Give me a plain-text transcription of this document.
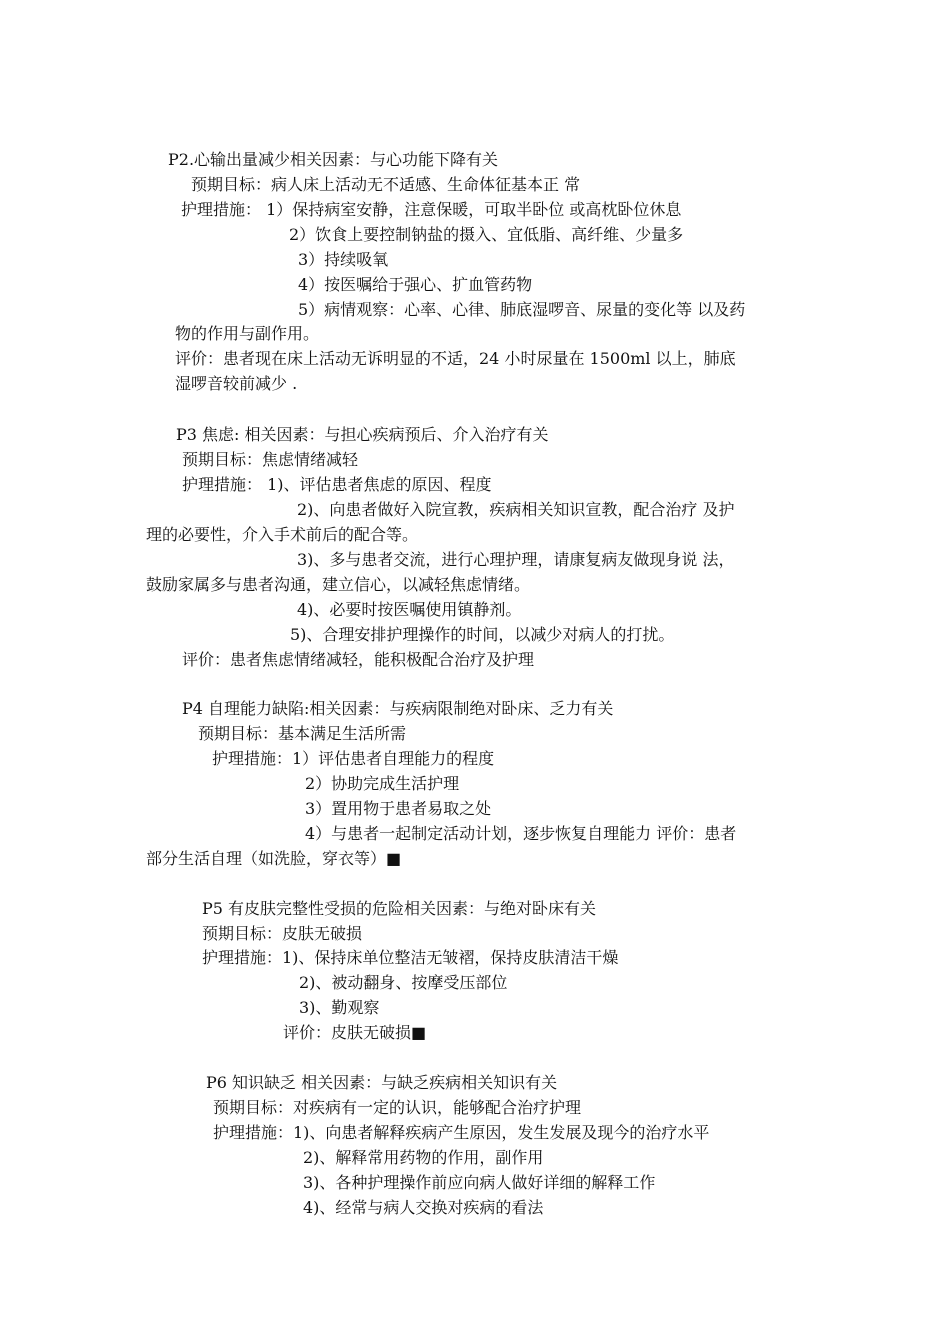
P2.心输出量减少相关因素：与心功能下降有关
预期目标：病人床上活动无不适感、生命体征基本正 常
护理措施： 1）保持病室安静，注意保暖，可取半卧位 或高枕卧位休息
2）饮食上要控制钠盐的摄入、宜低脂、高纤维、少量多
3）持续吸氧
4）按医嘱给于强心、扩血管药物
5）病情观察：心率、心律、肺底湿啰音、尿量的变化等 以及药
物的作用与副作用。
评价：患者现在床上活动无诉明显的不适，24 小时尿量在 1500ml 以上，肺底
湿啰音较前减少 .
P3 焦虑: 相关因素：与担心疾病预后、介入治疗有关
预期目标：焦虑情绪减轻
护理措施： 1)、评估患者焦虑的原因、程度
2)、向患者做好入院宣教，疾病相关知识宣教，配合治疗 及护
理的必要性，介入手术前后的配合等。
3)、多与患者交流，进行心理护理，请康复病友做现身说 法，
鼓励家属多与患者沟通，建立信心，以减轻焦虑情绪。
4)、必要时按医嘱使用镇静剂。
5)、合理安排护理操作的时间，以减少对病人的打扰。
评价：患者焦虑情绪减轻，能积极配合治疗及护理
P4 自理能力缺陷:相关因素：与疾病限制绝对卧床、乏力有关
预期目标：基本满足生活所需
护理措施：1）评估患者自理能力的程度
2）协助完成生活护理
3）置用物于患者易取之处
4）与患者一起制定活动计划，逐步恢复自理能力 评价：患者
部分生活自理（如洗脸，穿衣等）■
P5 有皮肤完整性受损的危险相关因素：与绝对卧床有关
预期目标：皮肤无破损
护理措施：1)、保持床单位整洁无皱褶，保持皮肤清洁干燥
2)、被动翻身、按摩受压部位
3)、勤观察
评价：皮肤无破损■
P6 知识缺乏 相关因素：与缺乏疾病相关知识有关
预期目标：对疾病有一定的认识，能够配合治疗护理
护理措施：1)、向患者解释疾病产生原因，发生发展及现今的治疗水平
2)、解释常用药物的作用，副作用
3)、各种护理操作前应向病人做好详细的解释工作
4)、经常与病人交换对疾病的看法
